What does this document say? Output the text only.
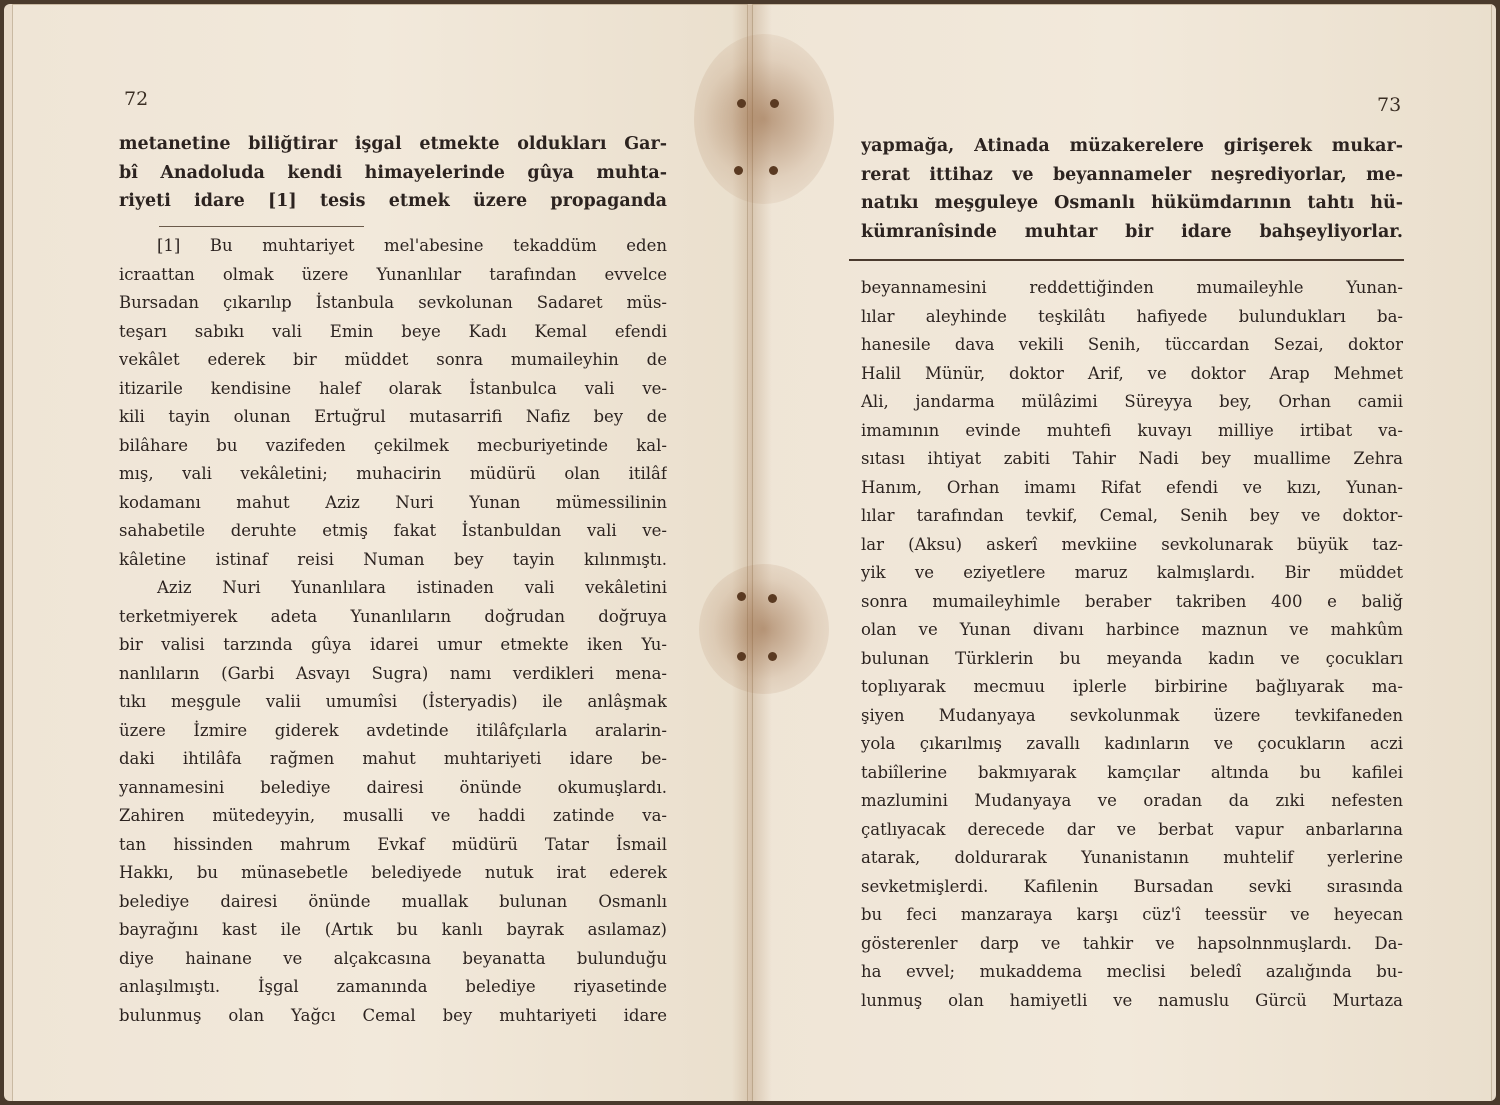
72
metanetine biliğtirar işgal etmekte oldukları Gar-
bî Anadoluda kendi himayelerinde gûya muhta-
riyeti idare [1] tesis etmek üzere propaganda
[1] Bu muhtariyet mel'abesine tekaddüm eden
icraattan olmak üzere Yunanlılar tarafından evvelce
Bursadan çıkarılıp İstanbula sevkolunan Sadaret müs-
teşarı sabıkı vali Emin beye Kadı Kemal efendi
vekâlet ederek bir müddet sonra mumaileyhin de
itizarile kendisine halef olarak İstanbulca vali ve-
kili tayin olunan Ertuğrul mutasarrifi Nafiz bey de
bilâhare bu vazifeden çekilmek mecburiyetinde kal-
mış, vali vekâletini; muhacirin müdürü olan itilâf
kodamanı mahut Aziz Nuri Yunan mümessilinin
sahabetile deruhte etmiş fakat İstanbuldan vali ve-
kâletine istinaf reisi Numan bey tayin kılınmıştı.
Aziz Nuri Yunanlılara istinaden vali vekâletini
terketmiyerek adeta Yunanlıların doğrudan doğruya
bir valisi tarzında gûya idarei umur etmekte iken Yu-
nanlıların (Garbi Asvayı Sugra) namı verdikleri mena-
tıkı meşgule valii umumîsi (İsteryadis) ile anlâşmak
üzere İzmire giderek avdetinde itilâfçılarla aralarin-
daki ihtilâfa rağmen mahut muhtariyeti idare be-
yannamesini belediye dairesi önünde okumuşlardı.
Zahiren mütedeyyin, musalli ve haddi zatinde va-
tan hissinden mahrum Evkaf müdürü Tatar İsmail
Hakkı, bu münasebetle belediyede nutuk irat ederek
belediye dairesi önünde muallak bulunan Osmanlı
bayrağını kast ile (Artık bu kanlı bayrak asılamaz)
diye hainane ve alçakcasına beyanatta bulunduğu
anlaşılmıştı. İşgal zamanında belediye riyasetinde
bulunmuş olan Yağcı Cemal bey muhtariyeti idare
73
yapmağa, Atinada müzakerelere girişerek mukar-
rerat ittihaz ve beyannameler neşrediyorlar, me-
natıkı meşguleye Osmanlı hükümdarının tahtı hü-
kümranîsinde muhtar bir idare bahşeyliyorlar.
beyannamesini reddettiğinden mumaileyhle Yunan-
lılar aleyhinde teşkilâtı hafiyede bulundukları ba-
hanesile dava vekili Senih, tüccardan Sezai, doktor
Halil Münür, doktor Arif, ve doktor Arap Mehmet
Ali, jandarma mülâzimi Süreyya bey, Orhan camii
imamının evinde muhtefi kuvayı milliye irtibat va-
sıtası ihtiyat zabiti Tahir Nadi bey muallime Zehra
Hanım, Orhan imamı Rifat efendi ve kızı, Yunan-
lılar tarafından tevkif, Cemal, Senih bey ve doktor-
lar (Aksu) askerî mevkiine sevkolunarak büyük taz-
yik ve eziyetlere maruz kalmışlardı. Bir müddet
sonra mumaileyhimle beraber takriben 400 e baliğ
olan ve Yunan divanı harbince maznun ve mahkûm
bulunan Türklerin bu meyanda kadın ve çocukları
toplıyarak mecmuu iplerle birbirine bağlıyarak ma-
şiyen Mudanyaya sevkolunmak üzere tevkifaneden
yola çıkarılmış zavallı kadınların ve çocukların aczi
tabiîlerine bakmıyarak kamçılar altında bu kafilei
mazlumini Mudanyaya ve oradan da zıki nefesten
çatlıyacak derecede dar ve berbat vapur anbarlarına
atarak, doldurarak Yunanistanın muhtelif yerlerine
sevketmişlerdi. Kafilenin Bursadan sevki sırasında
bu feci manzaraya karşı cüz'î teessür ve heyecan
gösterenler darp ve tahkir ve hapsolnnmuşlardı. Da-
ha evvel; mukaddema meclisi beledî azalığında bu-
lunmuş olan hamiyetli ve namuslu Gürcü Murtaza
